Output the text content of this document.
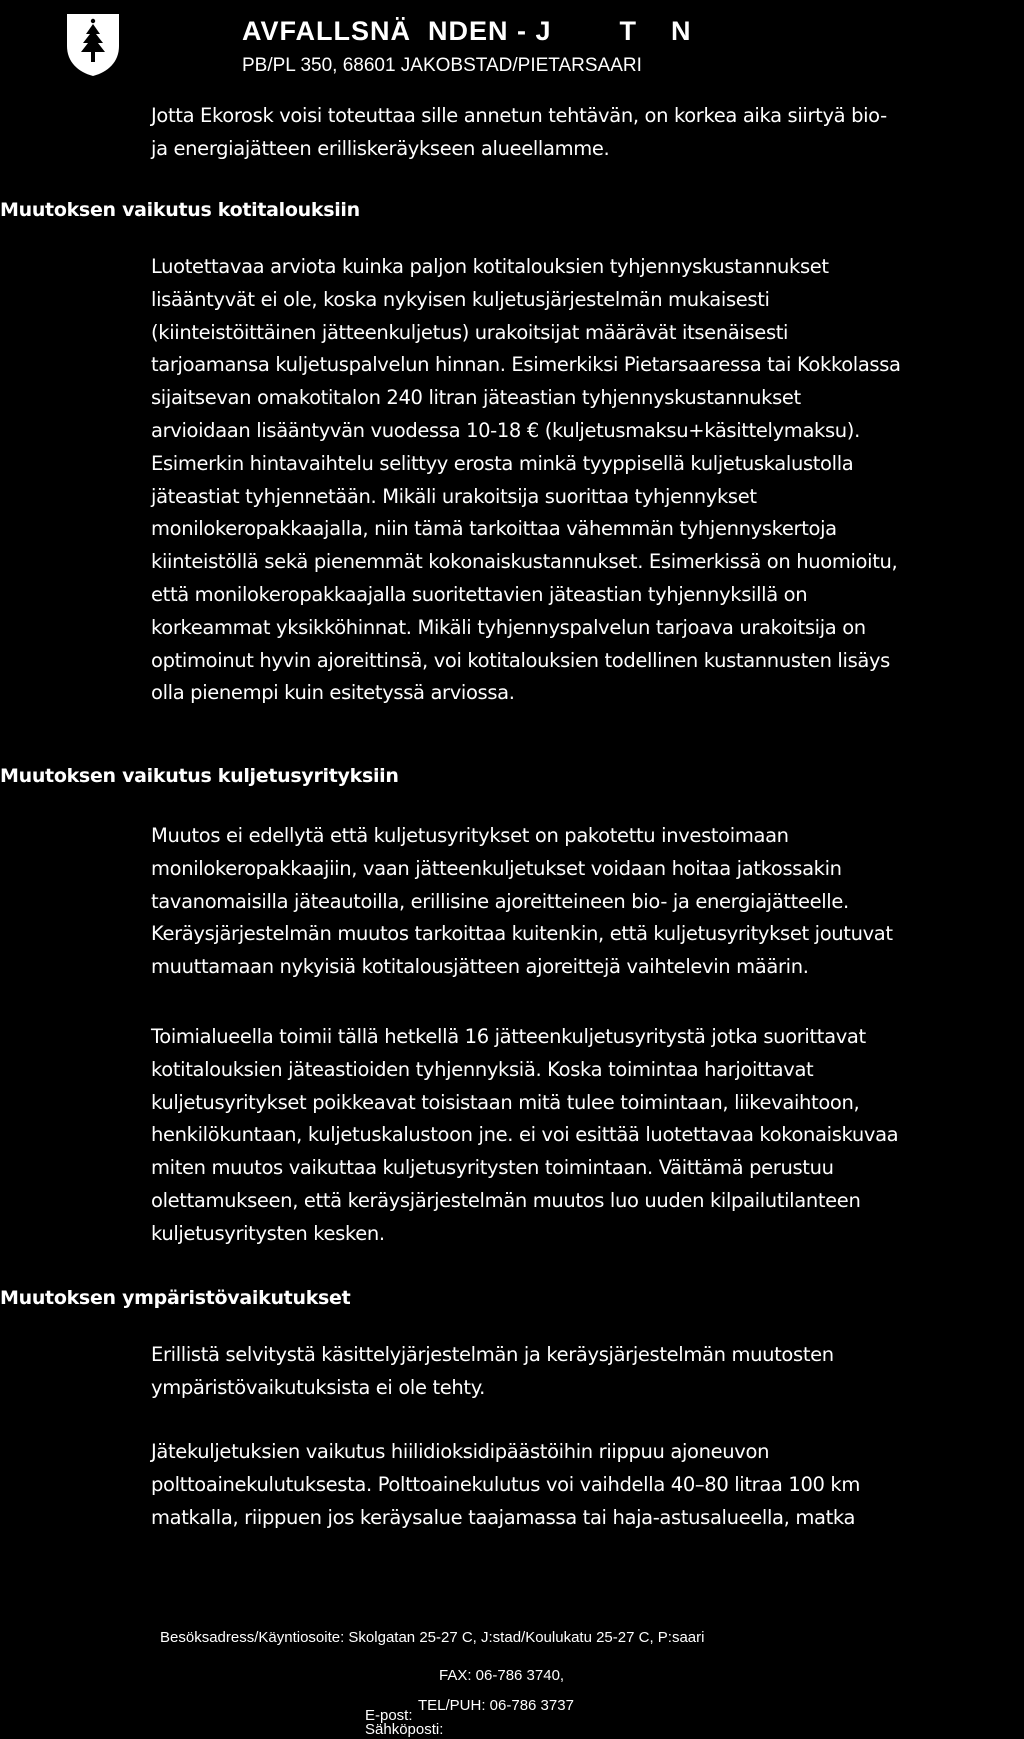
AVFALLSNÄ  NDEN - J        T    N
PB/PL 350, 68601 JAKOBSTAD/PIETARSAARI

Jotta Ekorosk voisi toteuttaa sille annetun tehtävän, on korkea aika siirtyä bio-
ja energiajätteen erilliskeräykseen alueellamme.

Muutoksen vaikutus kotitalouksiin

Luotettavaa arviota kuinka paljon kotitalouksien tyhjennyskustannukset
lisääntyvät ei ole, koska nykyisen kuljetusjärjestelmän mukaisesti
(kiinteistöittäinen jätteenkuljetus) urakoitsijat määrävät itsenäisesti
tarjoamansa kuljetuspalvelun hinnan. Esimerkiksi Pietarsaaressa tai Kokkolassa
sijaitsevan omakotitalon 240 litran jäteastian tyhjennyskustannukset
arvioidaan lisääntyvän vuodessa 10-18 € (kuljetusmaksu+käsittelymaksu).
Esimerkin hintavaihtelu selittyy erosta minkä tyyppisellä kuljetuskalustolla
jäteastiat tyhjennetään. Mikäli urakoitsija suorittaa tyhjennykset
monilokeropakkaajalla, niin tämä tarkoittaa vähemmän tyhjennyskertoja
kiinteistöllä sekä pienemmät kokonaiskustannukset. Esimerkissä on huomioitu,
että monilokeropakkaajalla suoritettavien jäteastian tyhjennyksillä on
korkeammat yksikköhinnat. Mikäli tyhjennyspalvelun tarjoava urakoitsija on
optimoinut hyvin ajoreittinsä, voi kotitalouksien todellinen kustannusten lisäys
olla pienempi kuin esitetyssä arviossa.

Muutoksen vaikutus kuljetusyrityksiin

Muutos ei edellytä että kuljetusyritykset on pakotettu investoimaan
monilokeropakkaajiin, vaan jätteenkuljetukset voidaan hoitaa jatkossakin
tavanomaisilla jäteautoilla, erillisine ajoreitteineen bio- ja energiajätteelle.
Keräysjärjestelmän muutos tarkoittaa kuitenkin, että kuljetusyritykset joutuvat
muuttamaan nykyisiä kotitalousjätteen ajoreittejä vaihtelevin määrin.

Toimialueella toimii tällä hetkellä 16 jätteenkuljetusyritystä jotka suorittavat
kotitalouksien jäteastioiden tyhjennyksiä. Koska toimintaa harjoittavat
kuljetusyritykset poikkeavat toisistaan mitä tulee toimintaan, liikevaihtoon,
henkilökuntaan, kuljetuskalustoon jne. ei voi esittää luotettavaa kokonaiskuvaa
miten muutos vaikuttaa kuljetusyritysten toimintaan. Väittämä perustuu
olettamukseen, että keräysjärjestelmän muutos luo uuden kilpailutilanteen
kuljetusyritysten kesken.

Muutoksen ympäristövaikutukset

Erillistä selvitystä käsittelyjärjestelmän ja keräysjärjestelmän muutosten
ympäristövaikutuksista ei ole tehty.

Jätekuljetuksien vaikutus hiilidioksidipäästöihin riippuu ajoneuvon
polttoainekulutuksesta. Polttoainekulutus voi vaihdella 40–80 litraa 100 km
matkalla, riippuen jos keräysalue taajamassa tai haja-astusalueella, matka

Besöksadress/Käyntiosoite: Skolgatan 25-27 C, J:stad/Koulukatu 25-27 C, P:saari
FAX: 06-786 3740,
TEL/PUH: 06-786 3737
E-post:
Sähköposti:
